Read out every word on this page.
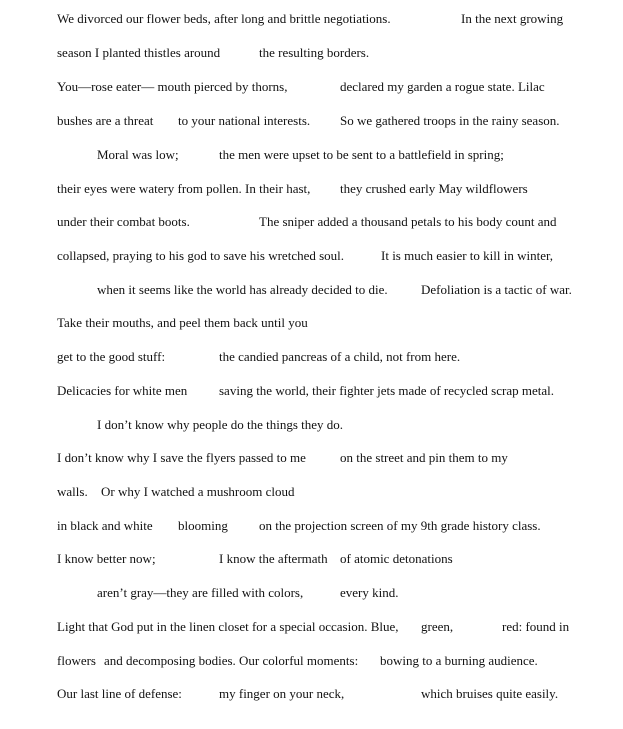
We divorced our flower beds, after long and brittle negotiations.	In the next growing
season I planted thistles around	the resulting borders.
You—rose eater— mouth pierced by thorns,	declared my garden a rogue state. Lilac
bushes are a threat to your national interests. So we gathered troops in the rainy season.
Moral was low;	the men were upset to be sent to a battlefield in spring;
their eyes were watery from pollen. In their hast, they crushed early May wildflowers
under their combat boots.	The sniper added a thousand petals to his body count and
collapsed, praying to his god to save his wretched soul.	It is much easier to kill in winter,
when it seems like the world has already decided to die.	Defoliation is a tactic of war.
Take their mouths, and peel them back until you
get to the good stuff:	the candied pancreas of a child, not from here.
Delicacies for white men saving the world, their fighter jets made of recycled scrap metal.
I don’t know why people do the things they do.
I don’t know why I save the flyers passed to me	on the street and pin them to my
walls. Or why I watched a mushroom cloud
in black and white blooming on the projection screen of my 9th grade history class.
I know better now;	I know the aftermath of atomic detonations
aren’t gray—they are filled with colors,	every kind.
Light that God put in the linen closet for a special occasion. Blue, green,	red: found in
flowers and decomposing bodies. Our colorful moments: bowing to a burning audience.
Our last line of defense:	my finger on your neck,	which bruises quite easily.
